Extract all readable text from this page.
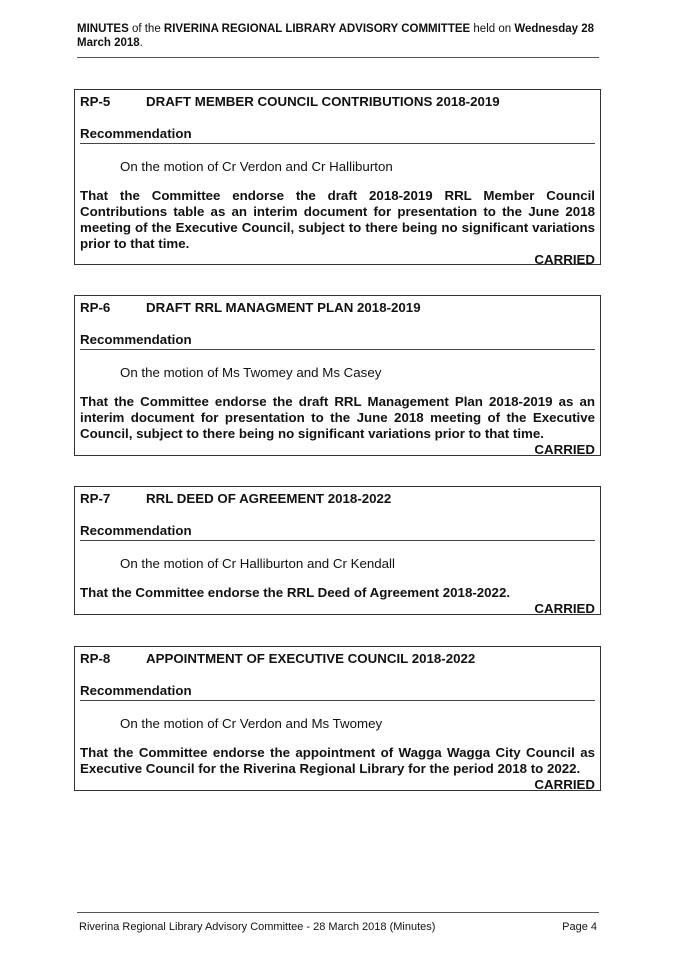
MINUTES of the RIVERINA REGIONAL LIBRARY ADVISORY COMMITTEE held on Wednesday 28 March 2018.
RP-5	DRAFT MEMBER COUNCIL CONTRIBUTIONS 2018-2019
Recommendation
On the motion of Cr Verdon and Cr Halliburton
That the Committee endorse the draft 2018-2019 RRL Member Council Contributions table as an interim document for presentation to the June 2018 meeting of the Executive Council, subject to there being no significant variations prior to that time.
CARRIED
RP-6	DRAFT RRL MANAGMENT PLAN 2018-2019
Recommendation
On the motion of Ms Twomey and Ms Casey
That the Committee endorse the draft RRL Management Plan 2018-2019 as an interim document for presentation to the June 2018 meeting of the Executive Council, subject to there being no significant variations prior to that time.
CARRIED
RP-7	RRL DEED OF AGREEMENT 2018-2022
Recommendation
On the motion of Cr Halliburton and Cr Kendall
That the Committee endorse the RRL Deed of Agreement 2018-2022.
CARRIED
RP-8	APPOINTMENT OF EXECUTIVE COUNCIL 2018-2022
Recommendation
On the motion of Cr Verdon and Ms Twomey
That the Committee endorse the appointment of Wagga Wagga City Council as Executive Council for the Riverina Regional Library for the period 2018 to 2022.
CARRIED
Riverina Regional Library Advisory Committee - 28 March 2018 (Minutes)	Page 4
